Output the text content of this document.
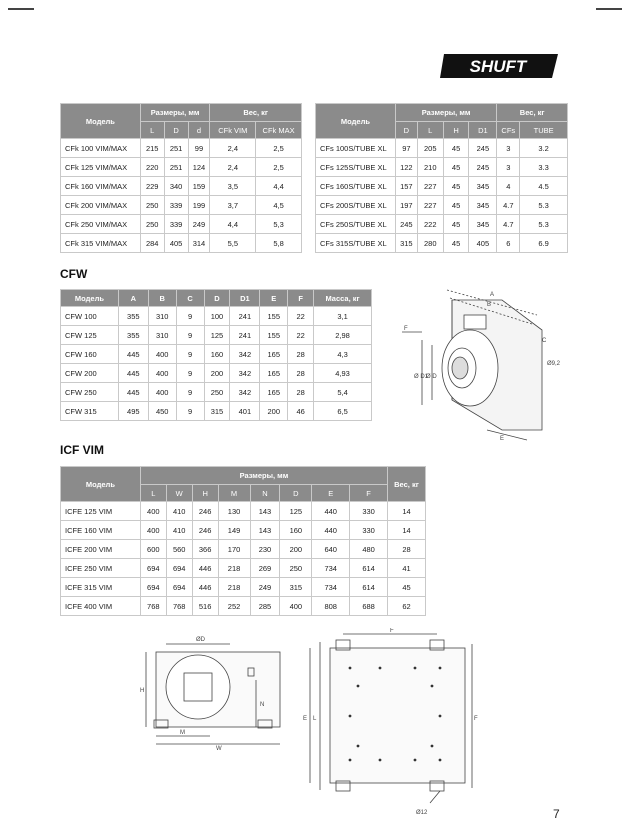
SHUFT
Модель	Размеры, мм			Вес, кг	
	L	D	d	CFk VIM	CFk MAX
CFk 100 VIM/MAX	215	251	99	2,4	2,5
CFk 125 VIM/MAX	220	251	124	2,4	2,5
CFk 160 VIM/MAX	229	340	159	3,5	4,4
CFk 200 VIM/MAX	250	339	199	3,7	4,5
CFk 250 VIM/MAX	250	339	249	4,4	5,3
CFk 315 VIM/MAX	284	405	314	5,5	5,8
Модель	Размеры, мм				Вес, кг	
	D	L	H	D1	CFs	TUBE
CFs 100S/TUBE XL	97	205	45	245	3	3.2
CFs 125S/TUBE XL	122	210	45	245	3	3.3
CFs 160S/TUBE XL	157	227	45	345	4	4.5
CFs 200S/TUBE XL	197	227	45	345	4.7	5.3
CFs 250S/TUBE XL	245	222	45	345	4.7	5.3
CFs 315S/TUBE XL	315	280	45	405	6	6.9
CFW
Модель	A	B	C	D	D1	E	F	Масса, кг
CFW 100	355	310	9	100	241	155	22	3,1
CFW 125	355	310	9	125	241	155	22	2,98
CFW 160	445	400	9	160	342	165	28	4,3
CFW 200	445	400	9	200	342	165	28	4,93
CFW 250	445	400	9	250	342	165	28	5,4
CFW 315	495	450	9	315	401	200	46	6,5
A
B
C
Ø9,2
Ø D1
Ø D
E
F
ICF VIM
Модель	Размеры, мм								Вес, кг
	L	W	H	M	N	D	E	F	
ICFE 125 VIM	400	410	246	130	143	125	440	330	14
ICFE 160 VIM	400	410	246	149	143	160	440	330	14
ICFE 200 VIM	600	560	366	170	230	200	640	480	28
ICFE 250 VIM	694	694	446	218	269	250	734	614	41
ICFE 315 VIM	694	694	446	218	249	315	734	614	45
ICFE 400 VIM	768	768	516	252	285	400	808	688	62
ØD
H
M
N
W
F
E L	F
Ø12	7
